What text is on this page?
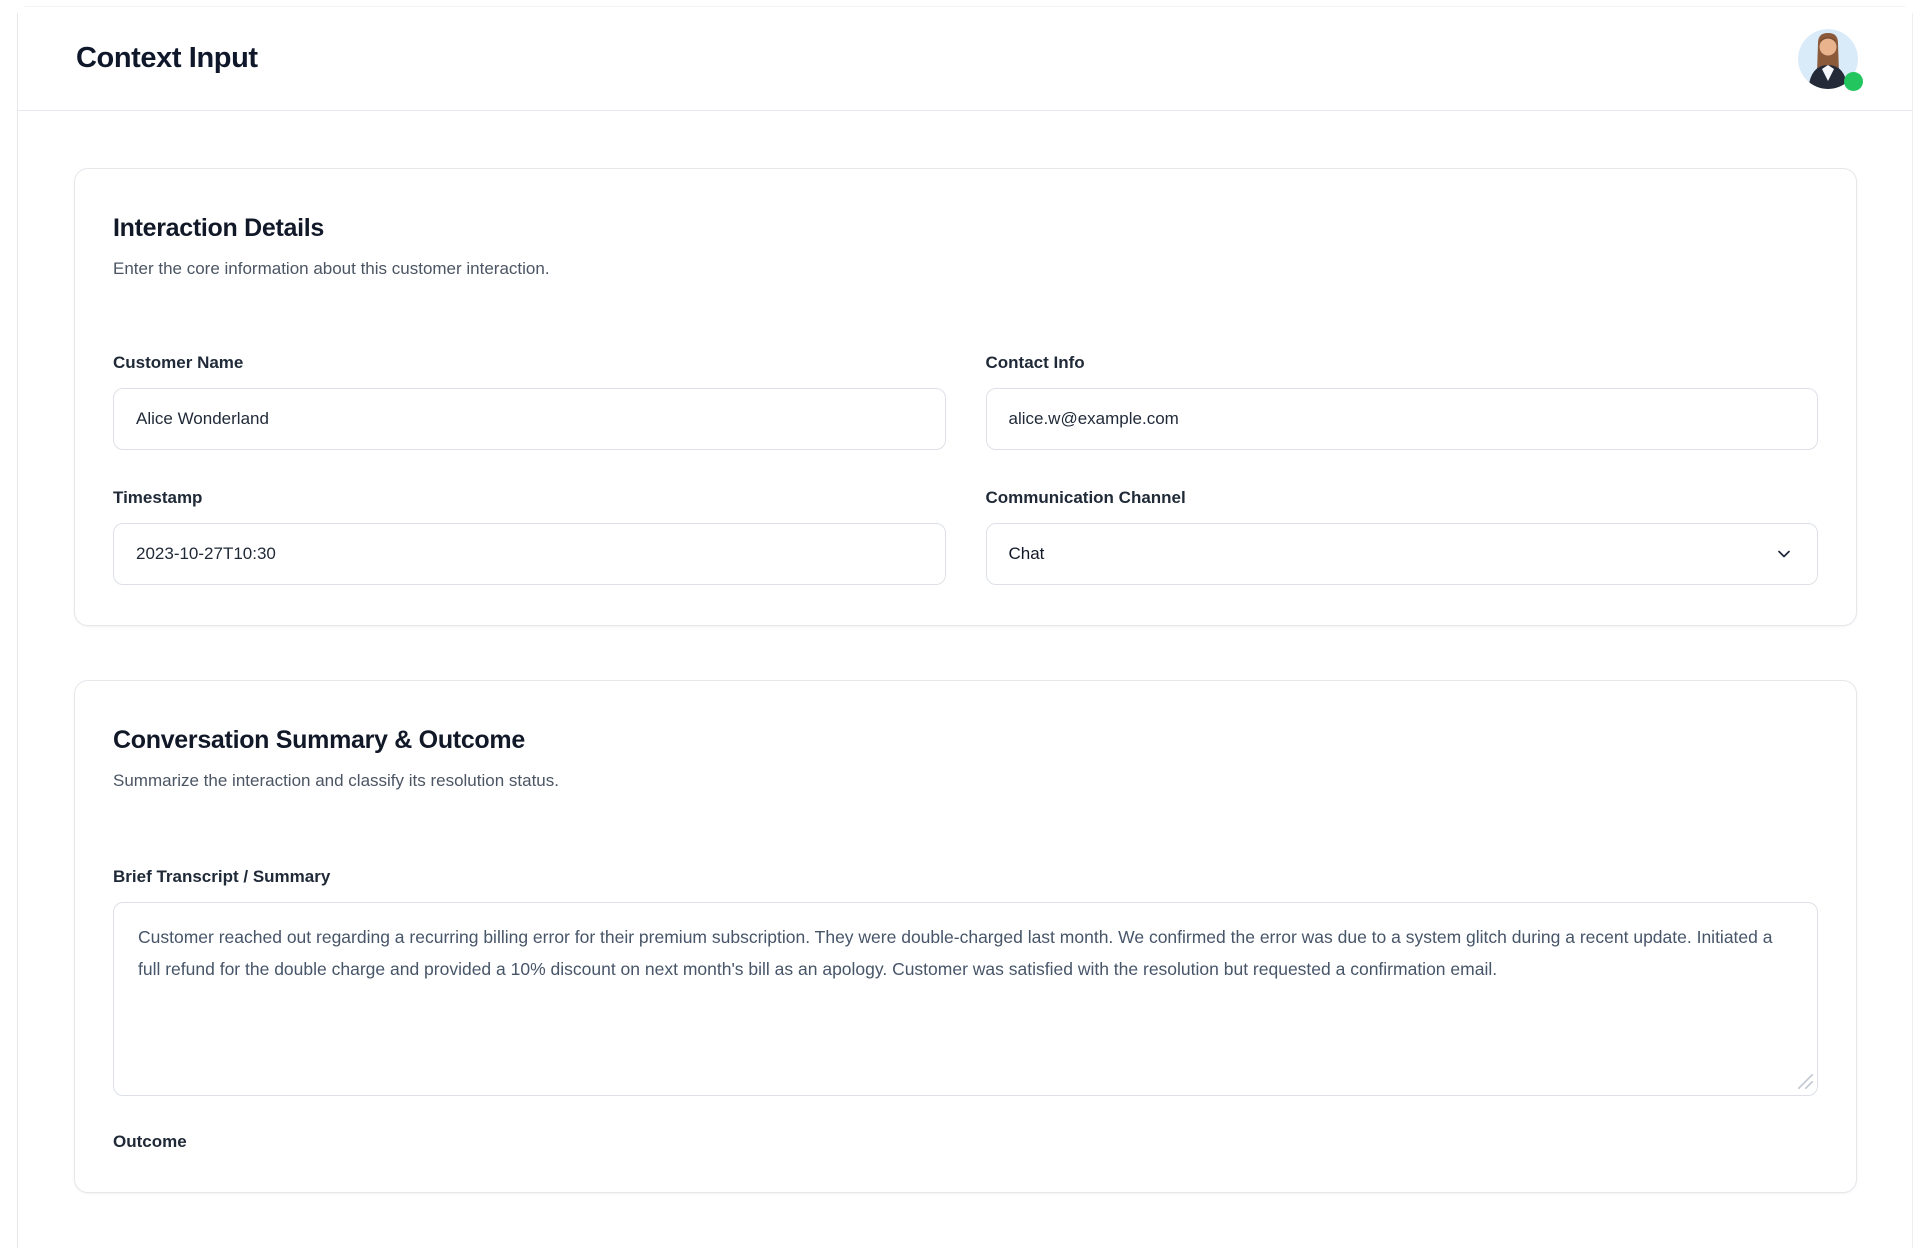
Context Input
Interaction Details

Enter the core information about this customer interaction.

Customer Name
Alice Wonderland	Contact Info
alice.w@example.com
Timestamp
2023-10-27T10:30	Communication Channel
Chat
Conversation Summary & Outcome

Summarize the interaction and classify its resolution status.

Brief Transcript / Summary
Customer reached out regarding a recurring billing error for their premium subscription. They were double-charged last month. We confirmed the error was due to a system glitch during a recent update. Initiated a full refund for the double charge and provided a 10% discount on next month's bill as an apology. Customer was satisfied with the resolution but requested a confirmation email.
Outcome
